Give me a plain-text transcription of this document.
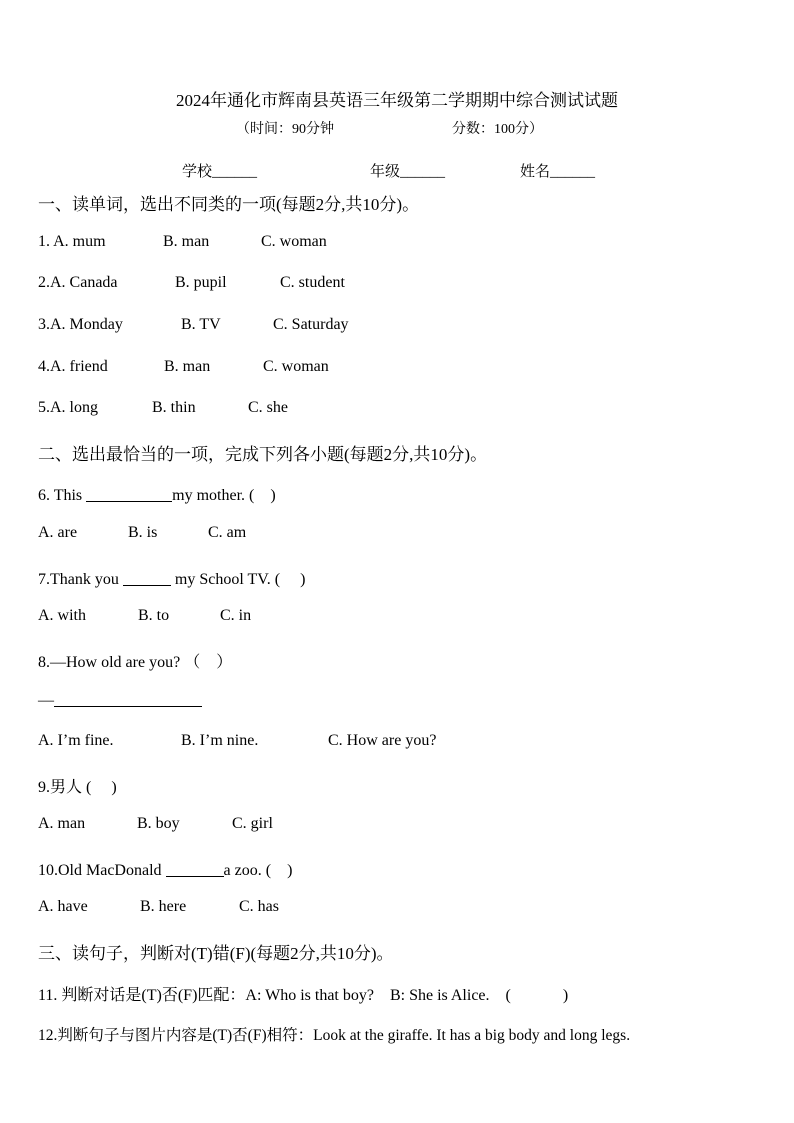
2024年通化市辉南县英语三年级第二学期期中综合测试试题
（时间：90分钟	分数：100分）
学校______	年级______	姓名______
一、读单词，选出不同类的一项(每题2分,共10分)。
1. A. mum	B. man	C. woman
2.A. Canada	B. pupil	C. student
3.A. Monday	B. TV	C. Saturday
4.A. friend	B. man	C. woman
5.A. long	B. thin	C. she
二、选出最恰当的一项，完成下列各小题(每题2分,共10分)。
6. This	my mother. (　)
A. are	B. is	C. am
7.Thank you	my School TV. (　 )
A. with	B. to	C. in
8.—How old are you? （　）
—
A. I’m fine.	B. I’m nine.	C. How are you?
9.男人 (　 )
A. man	B. boy	C. girl
10.Old MacDonald	a zoo. (　)
A. have	B. here	C. has
三、读句子，判断对(T)错(F)(每题2分,共10分)。
11. 判断对话是(T)否(F)匹配：A: Who is that boy?　B: She is Alice.　(　　　 )
12.判断句子与图片内容是(T)否(F)相符：Look at the giraffe. It has a big body and long legs.
